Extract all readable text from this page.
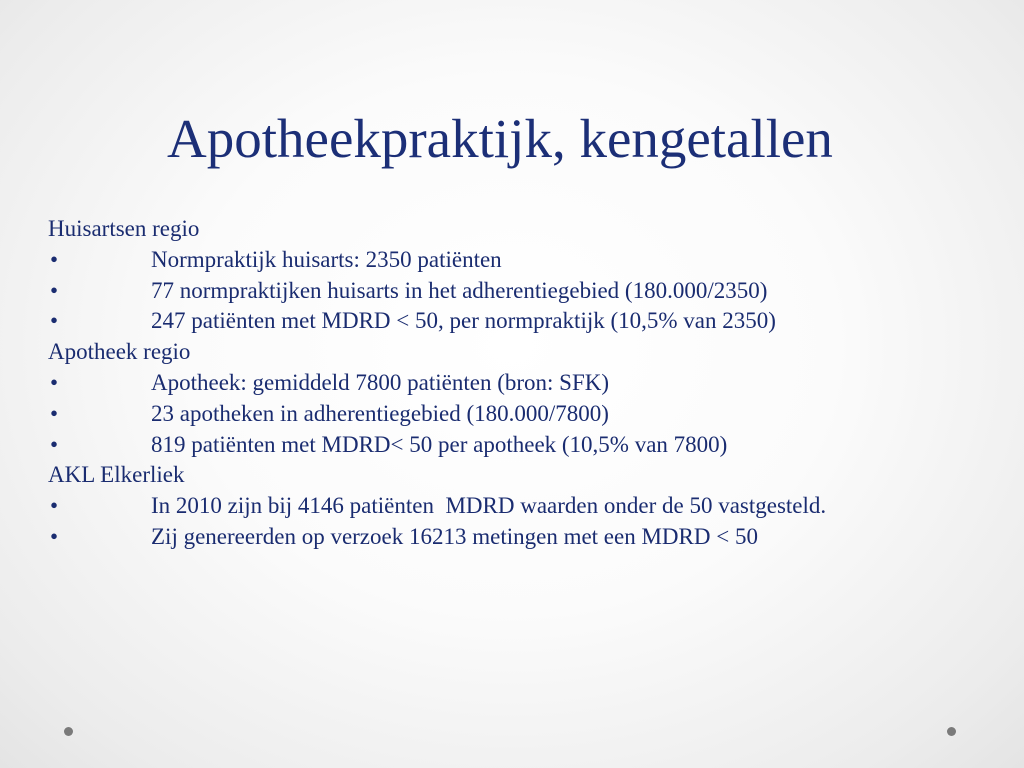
Apotheekpraktijk, kengetallen
Huisartsen regio
•	Normpraktijk huisarts: 2350 patiënten
•	77 normpraktijken huisarts in het adherentiegebied (180.000/2350)
•	247 patiënten met MDRD < 50, per normpraktijk (10,5% van 2350)
Apotheek regio
•	Apotheek: gemiddeld 7800 patiënten (bron: SFK)
•	23 apotheken in adherentiegebied (180.000/7800)
•	819 patiënten met MDRD< 50 per apotheek (10,5% van 7800)
AKL Elkerliek
•	In 2010 zijn bij 4146 patiënten  MDRD waarden onder de 50 vastgesteld.
•	Zij genereerden op verzoek 16213 metingen met een MDRD < 50
